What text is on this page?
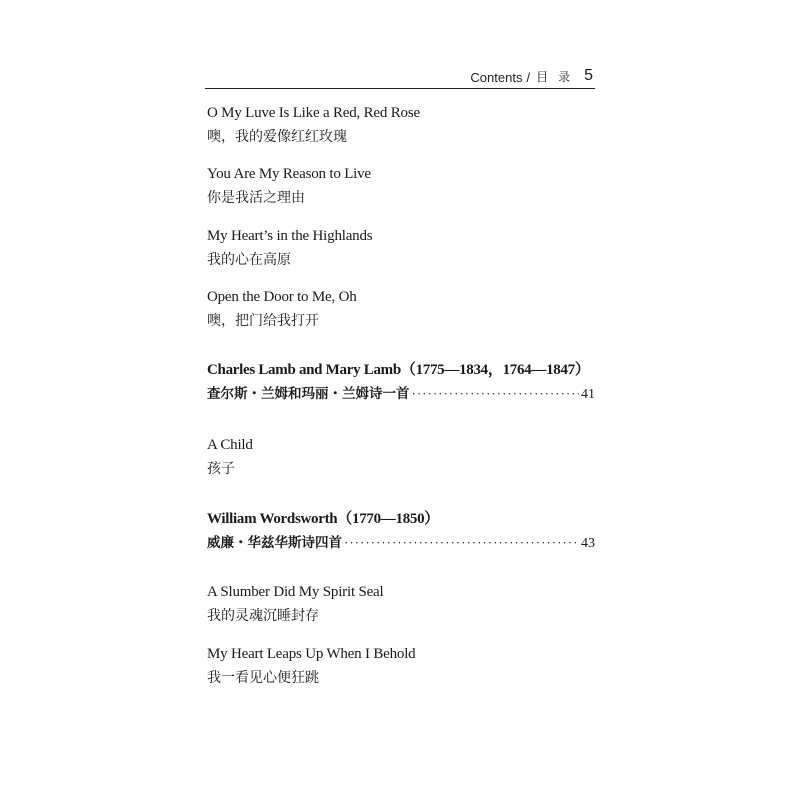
Contents / 目录 5
O My Luve Is Like a Red, Red Rose
噢，我的爱像红红玫瑰
You Are My Reason to Live
你是我活之理由
My Heart’s in the Highlands
我的心在高原
Open the Door to Me, Oh
噢，把门给我打开
Charles Lamb and Mary Lamb（1775—1834，1764—1847）
查尔斯・兰姆和玛丽・兰姆诗一首 ·····	41
A Child
孩子
William Wordsworth（1770—1850）
威廉・华兹华斯诗四首 ·····	43
A Slumber Did My Spirit Seal
我的灵魂沉睡封存
My Heart Leaps Up When I Behold
我一看见心便狂跳
